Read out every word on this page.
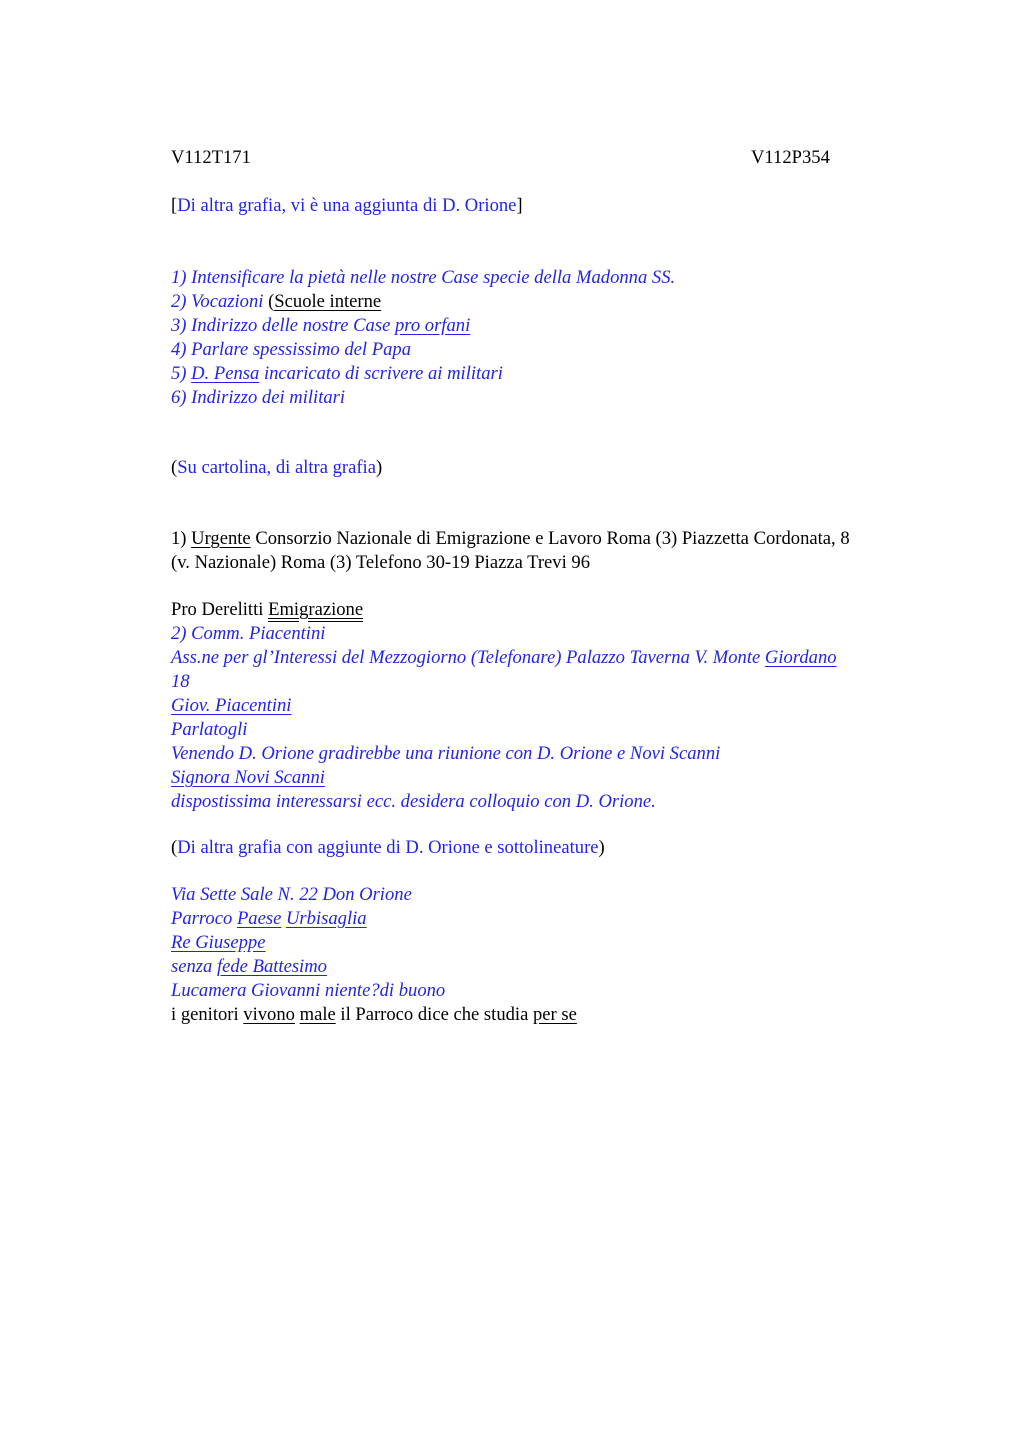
V112T171	V112P354
[Di altra grafia, vi è una aggiunta di D. Orione]
1) Intensificare la pietà nelle nostre Case specie della Madonna SS.
2) Vocazioni (Scuole interne
3) Indirizzo delle nostre Case pro orfani
4) Parlare spessissimo del Papa
5) D. Pensa incaricato di scrivere ai militari
6) Indirizzo dei militari
(Su cartolina, di altra grafia)
1) Urgente Consorzio Nazionale di Emigrazione e Lavoro Roma (3) Piazzetta Cordonata, 8
(v. Nazionale) Roma (3) Telefono 30-19 Piazza Trevi 96
Pro Derelitti Emigrazione
2) Comm. Piacentini
Ass.ne per gl’Interessi del Mezzogiorno (Telefonare) Palazzo Taverna V. Monte Giordano
18
Giov. Piacentini
Parlatogli
Venendo D. Orione gradirebbe una riunione con D. Orione e Novi Scanni
Signora Novi Scanni
dispostissima interessarsi ecc. desidera colloquio con D. Orione.
(Di altra grafia con aggiunte di D. Orione e sottolineature)
Via Sette Sale N. 22 Don Orione
Parroco Paese Urbisaglia
Re Giuseppe
senza fede Battesimo
Lucamera Giovanni niente?di buono
i genitori vivono male il Parroco dice che studia per se
